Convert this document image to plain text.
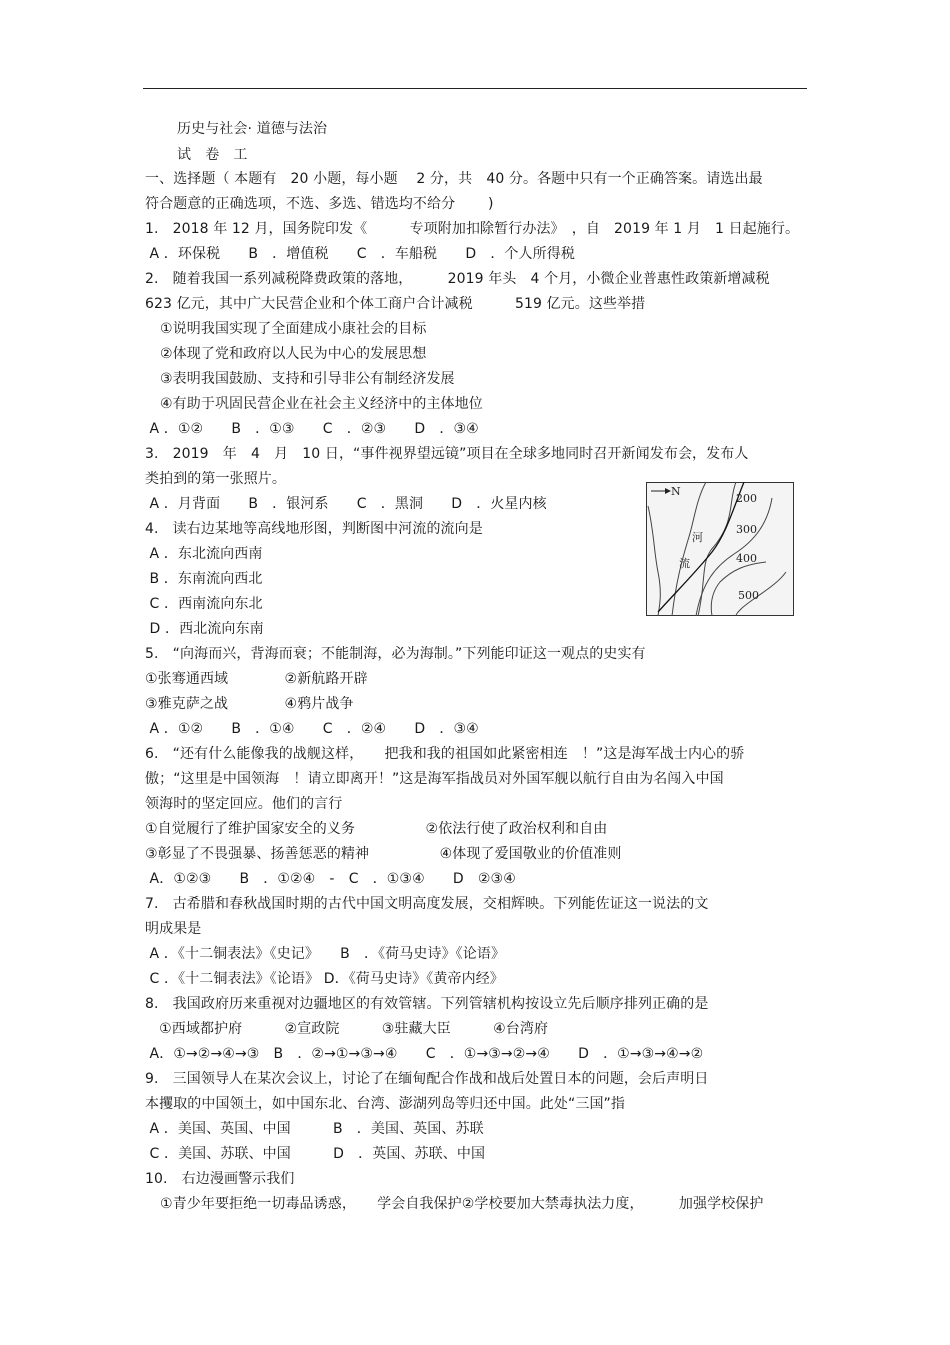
历史与社会· 道德与法治
试　卷　工
一、选择题（ 本题有　20 小题，每小题　 2 分，共　40 分。各题中只有一个正确答案。请选出最
符合题意的正确选项，不选、多选、错选均不给分　　 )
1.　2018 年 12 月，国务院印发《　　　专项附加扣除暂行办法》　，自　2019 年 1 月　1 日起施行。
A ．环保税　　B　．增值税　　C　．车船税　　D　．个人所得税
2.　随着我国一系列减税降费政策的落地，　　　2019 年头　4 个月，小微企业普惠性政策新增减税
623 亿元，其中广大民营企业和个体工商户合计减税　　　519 亿元。这些举措
①说明我国实现了全面建成小康社会的目标
②体现了党和政府以人民为中心的发展思想
③表明我国鼓励、支持和引导非公有制经济发展
④有助于巩固民营企业在社会主义经济中的主体地位
A ．①②　　B　．①③　　C　．②③　　D　．③④
3.　2019　年　4　月　10 日，“事件视界望远镜”项目在全球多地同时召开新闻发布会，发布人
类拍到的第一张照片。
A ．月背面　　B　．银河系　　C　．黑洞　　D　．火星内核
4.　读右边某地等高线地形图，判断图中河流的流向是
A ．东北流向西南
B ．东南流向西北
C ．西南流向东北
D ．西北流向东南
N
河
流
200
300
400
500
5.　“向海而兴，背海而衰；不能制海，必为海制。”下列能印证这一观点的史实有
①张骞通西域　　　　②新航路开辟
③雅克萨之战　　　　④鸦片战争
A ．①②　　B　．①④　　C　．②④　　D　．③④
6.　“还有什么能像我的战舰这样，　　把我和我的祖国如此紧密相连　！”这是海军战士内心的骄
傲；“这里是中国领海　！请立即离开！”这是海军指战员对外国军舰以航行自由为名闯入中国
领海时的坚定回应。他们的言行
①自觉履行了维护国家安全的义务　　　　　②依法行使了政治权利和自由
③彰显了不畏强暴、扬善惩恶的精神　　　　　④体现了爱国敬业的价值准则
A．①②③　　B　．①②④　-　C　．①③④　　D　②③④
7.　古希腊和春秋战国时期的古代中国文明高度发展，交相辉映。下列能佐证这一说法的文
明成果是
A ．《十二铜表法》《史记》　　B　．《荷马史诗》《论语》
C ．《十二铜表法》《论语》 D．《荷马史诗》《黄帝内经》
8.　我国政府历来重视对边疆地区的有效管辖。下列管辖机构按设立先后顺序排列正确的是
　①西域都护府　　　②宣政院　　　③驻藏大臣　　　④台湾府
A．①→②→④→③　B　．②→①→③→④　　C　．①→③→②→④　　D　．①→③→④→②
9.　三国领导人在某次会议上，讨论了在缅甸配合作战和战后处置日本的问题，会后声明日
本攫取的中国领土，如中国东北、台湾、澎湖列岛等归还中国。此处“三国”指
A ．美国、英国、中国　　　B　．美国、英国、苏联
C ．美国、苏联、中国　　　D　．英国、苏联、中国
10.　右边漫画警示我们
①青少年要拒绝一切毒品诱惑，　　学会自我保护②学校要加大禁毒执法力度，　　　加强学校保护
